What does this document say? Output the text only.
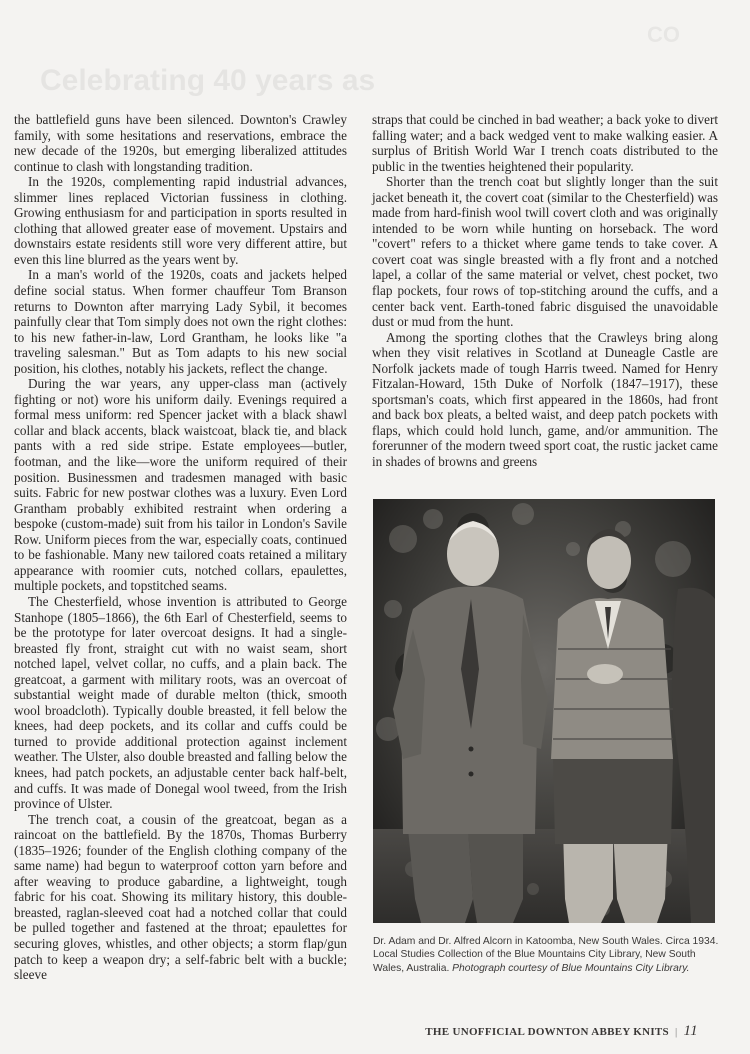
Celebrating 40 years as
CO

the battlefield guns have been silenced. Downton's Crawley family, with some hesitations and reservations, embrace the new decade of the 1920s, but emerging liberalized attitudes continue to clash with longstanding tradition.

In the 1920s, complementing rapid industrial advances, slimmer lines replaced Victorian fussiness in clothing. Growing enthusiasm for and participation in sports resulted in clothing that allowed greater ease of movement. Upstairs and downstairs estate residents still wore very different attire, but even this line blurred as the years went by.

In a man's world of the 1920s, coats and jackets helped define social status. When former chauffeur Tom Branson returns to Downton after marrying Lady Sybil, it becomes painfully clear that Tom simply does not own the right clothes: to his new father-in-law, Lord Grantham, he looks like "a traveling salesman." But as Tom adapts to his new social position, his clothes, notably his jackets, reflect the change.

During the war years, any upper-class man (actively fighting or not) wore his uniform daily. Evenings required a formal mess uniform: red Spencer jacket with a black shawl collar and black accents, black waistcoat, black tie, and black pants with a red side stripe. Estate employees—butler, footman, and the like—wore the uniform required of their position. Businessmen and tradesmen managed with basic suits. Fabric for new postwar clothes was a luxury. Even Lord Grantham probably exhibited restraint when ordering a bespoke (custom-made) suit from his tailor in London's Savile Row. Uniform pieces from the war, especially coats, continued to be fashionable. Many new tailored coats retained a military appearance with roomier cuts, notched collars, epaulettes, multiple pockets, and topstitched seams.

The Chesterfield, whose invention is attributed to George Stanhope (1805–1866), the 6th Earl of Chesterfield, seems to be the prototype for later overcoat designs. It had a single-breasted fly front, straight cut with no waist seam, short notched lapel, velvet collar, no cuffs, and a plain back. The greatcoat, a garment with military roots, was an overcoat of substantial weight made of durable melton (thick, smooth wool broadcloth). Typically double breasted, it fell below the knees, had deep pockets, and its collar and cuffs could be turned to provide additional protection against inclement weather. The Ulster, also double breasted and falling below the knees, had patch pockets, an adjustable center back half-belt, and cuffs. It was made of Donegal wool tweed, from the Irish province of Ulster.

The trench coat, a cousin of the greatcoat, began as a raincoat on the battlefield. By the 1870s, Thomas Burberry (1835–1926; founder of the English clothing company of the same name) had begun to waterproof cotton yarn before and after weaving to produce gabardine, a lightweight, tough fabric for his coat. Showing its military history, this double-breasted, raglan-sleeved coat had a notched collar that could be pulled together and fastened at the throat; epaulettes for securing gloves, whistles, and other objects; a storm flap/gun patch to keep a weapon dry; a self-fabric belt with a buckle; sleeve

straps that could be cinched in bad weather; a back yoke to divert falling water; and a back wedged vent to make walking easier. A surplus of British World War I trench coats distributed to the public in the twenties heightened their popularity.

Shorter than the trench coat but slightly longer than the suit jacket beneath it, the covert coat (similar to the Chesterfield) was made from hard-finish wool twill covert cloth and was originally intended to be worn while hunting on horseback. The word "covert" refers to a thicket where game tends to take cover. A covert coat was single breasted with a fly front and a notched lapel, a collar of the same material or velvet, chest pocket, two flap pockets, four rows of top-stitching around the cuffs, and a center back vent. Earth-toned fabric disguised the unavoidable dust or mud from the hunt.

Among the sporting clothes that the Crawleys bring along when they visit relatives in Scotland at Duneagle Castle are Norfolk jackets made of tough Harris tweed. Named for Henry Fitzalan-Howard, 15th Duke of Norfolk (1847–1917), these sportsman's coats, which first appeared in the 1860s, had front and back box pleats, a belted waist, and deep patch pockets with flaps, which could hold lunch, game, and/or ammunition. The forerunner of the modern tweed sport coat, the rustic jacket came in shades of browns and greens

Dr. Adam and Dr. Alfred Alcorn in Katoomba, New South Wales. Circa 1934. Local Studies Collection of the Blue Mountains City Library, New South Wales, Australia. Photograph courtesy of Blue Mountains City Library.
THE UNOFFICIAL DOWNTON ABBEY KNITS | 11
